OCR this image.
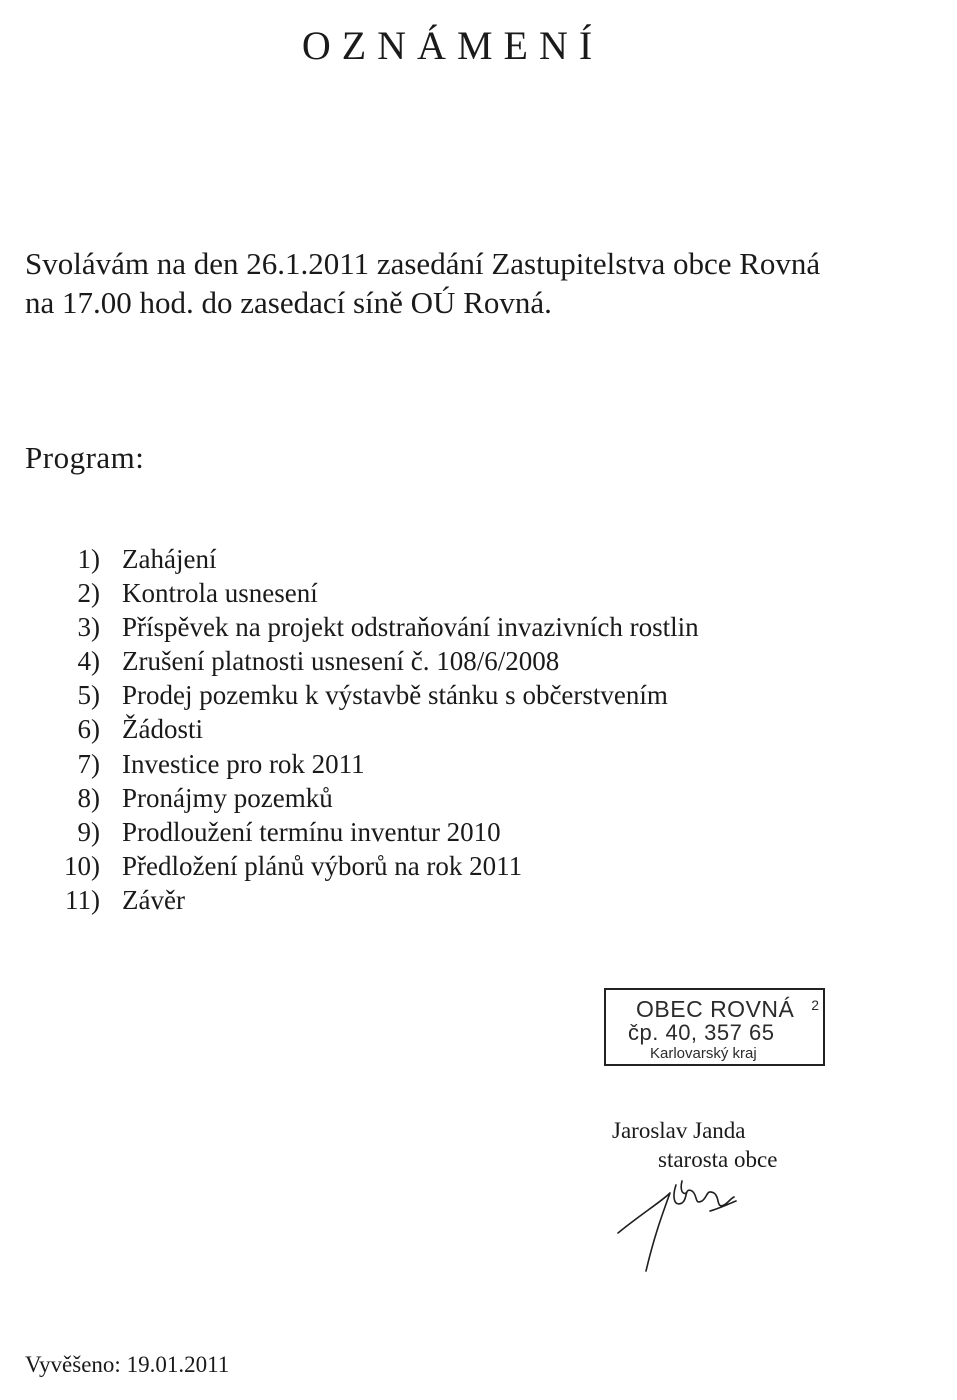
OZNÁMENÍ

Svolávám na den 26.1.2011 zasedání Zastupitelstva obce Rovná

na 17.00 hod. do zasedací síně OÚ Rovná.

Program:
1) Zahájení
2) Kontrola usnesení
3) Příspěvek na projekt odstraňování invazivních rostlin
4) Zrušení platnosti usnesení č. 108/6/2008
5) Prodej pozemku k výstavbě stánku s občerstvením
6) Žádosti
7) Investice pro rok 2011
8) Pronájmy pozemků
9) Prodloužení termínu inventur 2010
10) Předložení plánů výborů na rok 2011
11) Závěr
OBEC ROVNÁ 2
čp. 40, 357 65
Karlovarský kraj
Jaroslav Janda
starosta obce
Vyvěšeno: 19.01.2011
